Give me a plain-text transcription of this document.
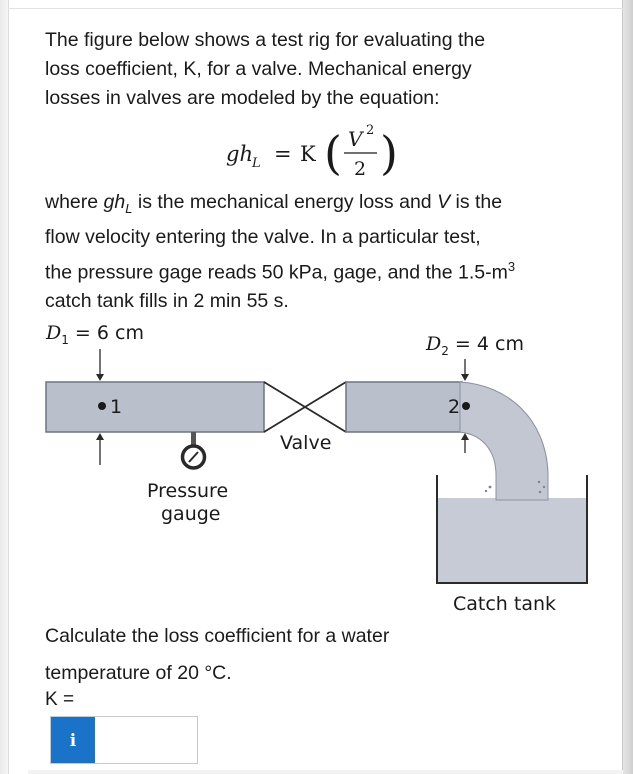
The figure below shows a test rig for evaluating the
loss coefficient, K, for a valve. Mechanical energy
losses in valves are modeled by the equation:

gh L = K ( V 2
2 )

where $gh_L$ is the mechanical energy loss and V is the
flow velocity entering the valve. In a particular test,
the pressure gage reads 50 kPa, gage, and the $1.5-m^3$
catch tank fills in 2 min 55 s.

$D_1 = 6$ cm	$D_2 = 4$ cm
1	2
Valve
Pressure
gauge
Catch tank

Calculate the loss coefficient for a water
temperature of 20 °C.

K =
i
